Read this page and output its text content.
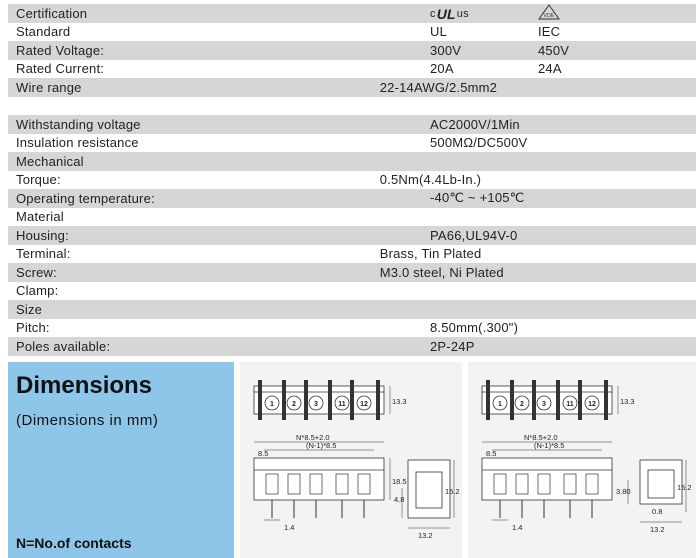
Certification	c UL us	VDE
Standard	UL	IEC
Rated Voltage:	300V	450V
Rated Current:	20A	24A
Wire range	22-14AWG/2.5mm2
Withstanding voltage	AC2000V/1Min
Insulation resistance	500MΩ/DC500V
Mechanical
Torque:	0.5Nm(4.4Lb-In.)
Operating temperature:	-40℃ ~ +105℃
Material
Housing:	PA66,UL94V-0
Terminal:	Brass, Tin Plated
Screw:	M3.0 steel, Ni Plated
Clamp:
Size
Pitch:	8.50mm(.300")
Poles available:	2P-24P
Dimensions
(Dimensions in mm)
N=No.of contacts
1	2	3	11 12
N*8.5+2.0
(N-1)*8.5
8.5
13.3
18.5
4.8
15.2
1.4
13.2
1	2	3	11 12
N*8.5+2.0
(N-1)*8.5
8.5
13.3
3.80	15.2
0.8
1.4	13.2
